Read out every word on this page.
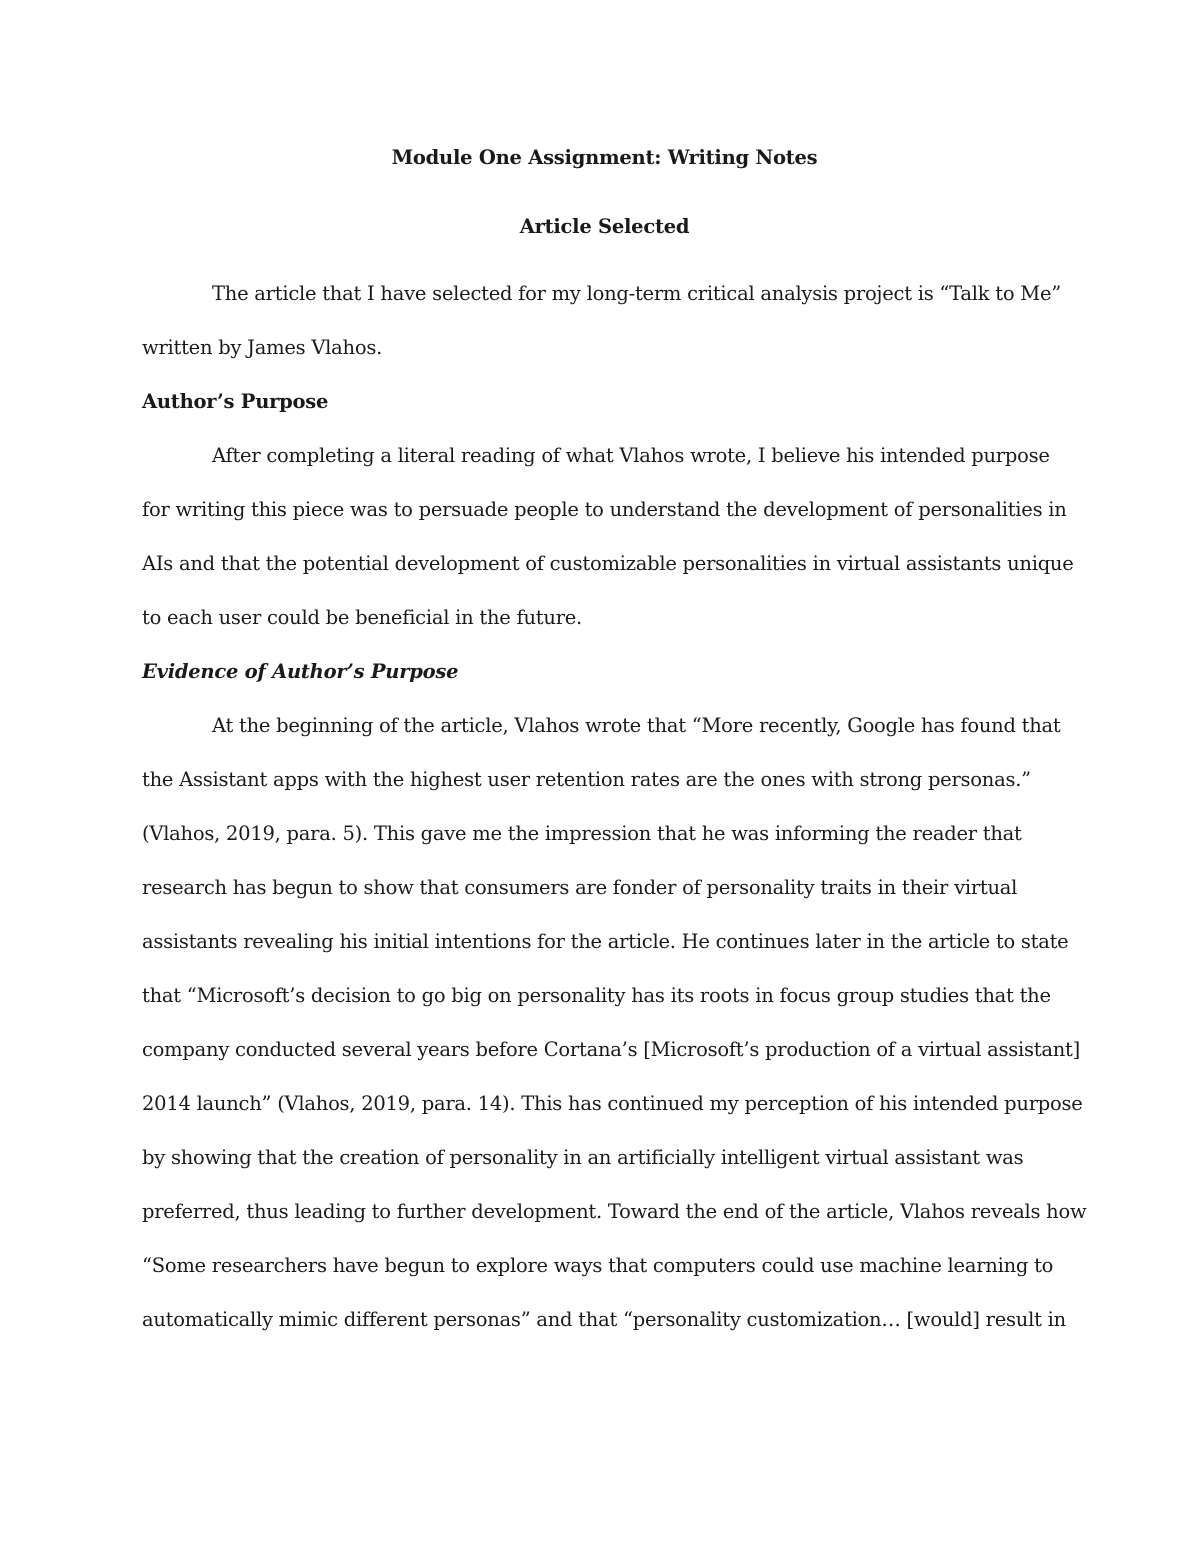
Module One Assignment: Writing Notes
Article Selected

The article that I have selected for my long-term critical analysis project is “Talk to Me”
written by James Vlahos.

Author’s Purpose

After completing a literal reading of what Vlahos wrote, I believe his intended purpose
for writing this piece was to persuade people to understand the development of personalities in
AIs and that the potential development of customizable personalities in virtual assistants unique
to each user could be beneficial in the future.

Evidence of Author’s Purpose

At the beginning of the article, Vlahos wrote that “More recently, Google has found that
the Assistant apps with the highest user retention rates are the ones with strong personas.”
(Vlahos, 2019, para. 5). This gave me the impression that he was informing the reader that
research has begun to show that consumers are fonder of personality traits in their virtual
assistants revealing his initial intentions for the article. He continues later in the article to state
that “Microsoft’s decision to go big on personality has its roots in focus group studies that the
company conducted several years before Cortana’s [Microsoft’s production of a virtual assistant]
2014 launch” (Vlahos, 2019, para. 14). This has continued my perception of his intended purpose
by showing that the creation of personality in an artificially intelligent virtual assistant was
preferred, thus leading to further development. Toward the end of the article, Vlahos reveals how
“Some researchers have begun to explore ways that computers could use machine learning to
automatically mimic different personas” and that “personality customization… [would] result in
